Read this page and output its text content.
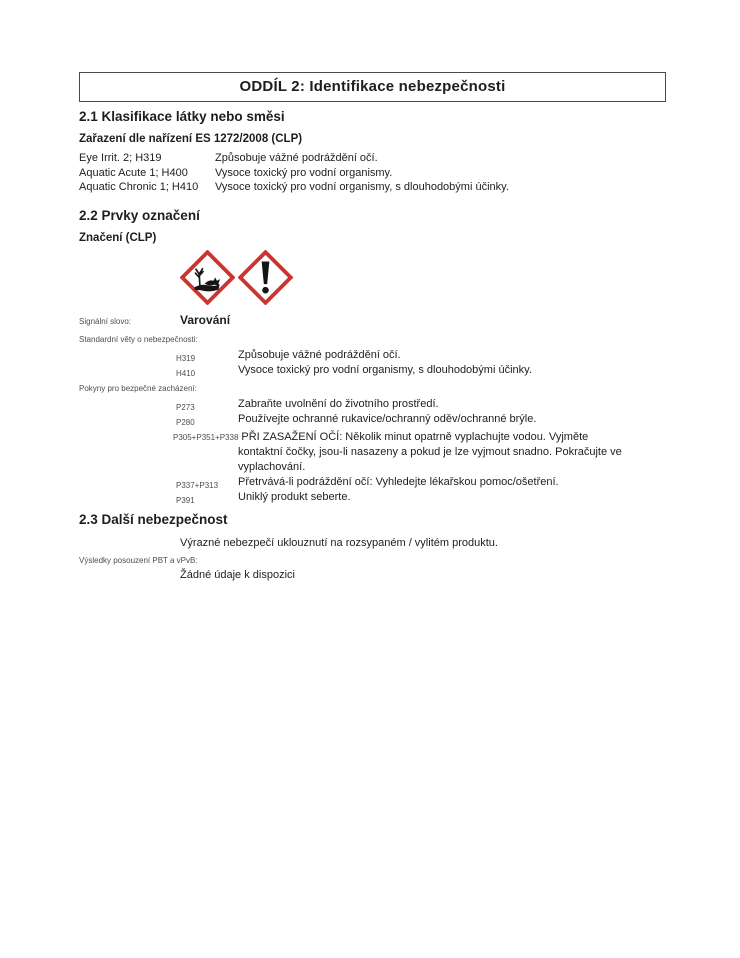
ODDÍL 2: Identifikace nebezpečnosti
2.1 Klasifikace látky nebo směsi
Zařazení dle nařízení ES 1272/2008 (CLP)
Eye Irrit. 2; H319	Způsobuje vážné podráždění očí.
Aquatic Acute 1; H400	Vysoce toxický pro vodní organismy.
Aquatic Chronic 1; H410	Vysoce toxický pro vodní organismy, s dlouhodobými účinky.
2.2 Prvky označení
Značení (CLP)
Signální slovo:	Varování
Standardní věty o nebezpečnosti:
H319	Způsobuje vážné podráždění očí.
H410	Vysoce toxický pro vodní organismy, s dlouhodobými účinky.
Pokyny pro bezpečné zacházení:
P273	Zabraňte uvolnění do životního prostředí.
P280	Používejte ochranné rukavice/ochranný oděv/ochranné brýle.
P305+P351+P338 PŘI ZASAŽENÍ OČÍ: Několik minut opatrně vyplachujte vodou. Vyjměte kontaktní čočky, jsou-li nasazeny a pokud je lze vyjmout snadno. Pokračujte ve vyplachování.
P337+P313 Přetrvává-li podráždění očí: Vyhledejte lékařskou pomoc/ošetření.
P391	Uniklý produkt seberte.
2.3 Další nebezpečnost
Výrazné nebezpečí uklouznutí na rozsypaném / vylitém produktu.
Výsledky posouzení PBT a vPvB:
Žádné údaje k dispozici
